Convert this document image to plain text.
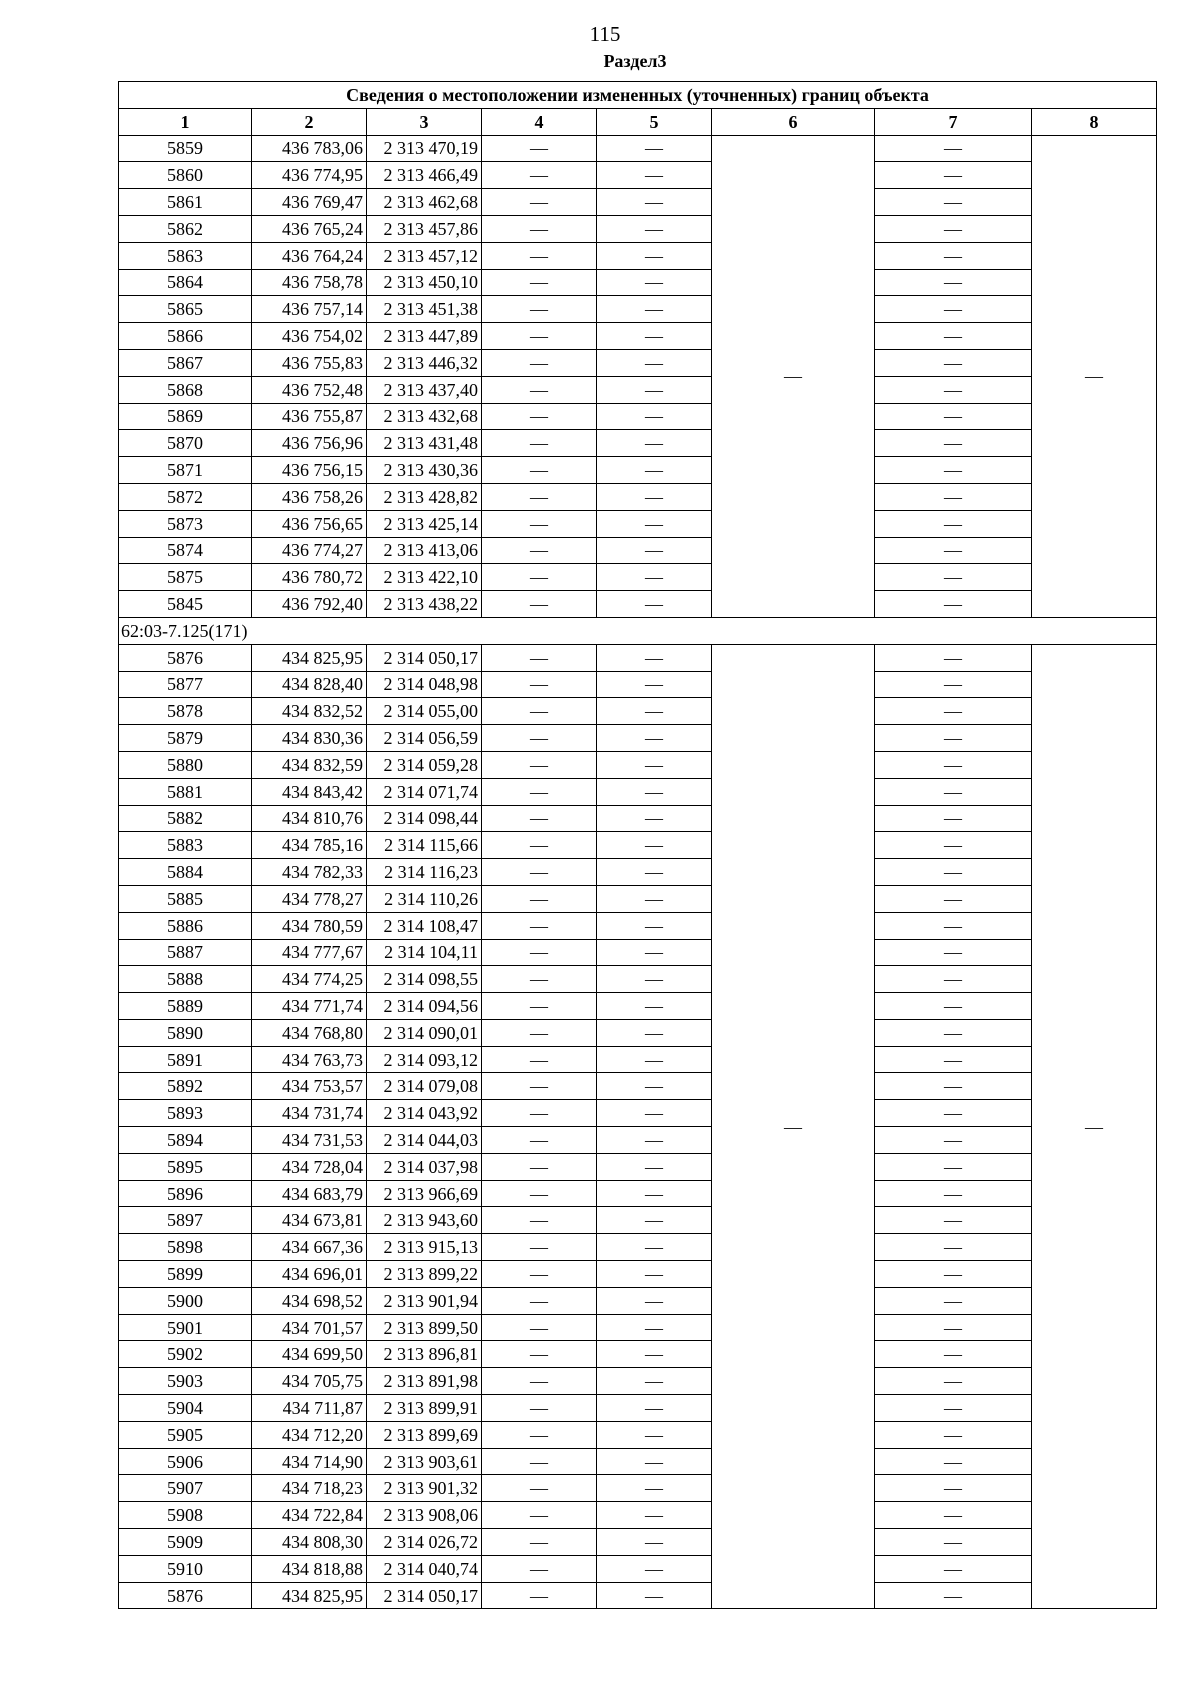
115
Раздел3
Сведения о местоположении измененных (уточненных) границ объекта							
1	2	3	4	5	6	7	8
5859	436 783,06	2 313 470,19	—	—	—	—	—
5860	436 774,95	2 313 466,49	—	—		—	
5861	436 769,47	2 313 462,68	—	—		—	
5862	436 765,24	2 313 457,86	—	—		—	
5863	436 764,24	2 313 457,12	—	—		—	
5864	436 758,78	2 313 450,10	—	—		—	
5865	436 757,14	2 313 451,38	—	—		—	
5866	436 754,02	2 313 447,89	—	—		—	
5867	436 755,83	2 313 446,32	—	—		—	
5868	436 752,48	2 313 437,40	—	—		—	
5869	436 755,87	2 313 432,68	—	—		—	
5870	436 756,96	2 313 431,48	—	—		—	
5871	436 756,15	2 313 430,36	—	—		—	
5872	436 758,26	2 313 428,82	—	—		—	
5873	436 756,65	2 313 425,14	—	—		—	
5874	436 774,27	2 313 413,06	—	—		—	
5875	436 780,72	2 313 422,10	—	—		—	
5845	436 792,40	2 313 438,22	—	—		—	
62:03-7.125(171)							
5876	434 825,95	2 314 050,17	—	—	—	—	—
5877	434 828,40	2 314 048,98	—	—		—	
5878	434 832,52	2 314 055,00	—	—		—	
5879	434 830,36	2 314 056,59	—	—		—	
5880	434 832,59	2 314 059,28	—	—		—	
5881	434 843,42	2 314 071,74	—	—		—	
5882	434 810,76	2 314 098,44	—	—		—	
5883	434 785,16	2 314 115,66	—	—		—	
5884	434 782,33	2 314 116,23	—	—		—	
5885	434 778,27	2 314 110,26	—	—		—	
5886	434 780,59	2 314 108,47	—	—		—	
5887	434 777,67	2 314 104,11	—	—		—	
5888	434 774,25	2 314 098,55	—	—		—	
5889	434 771,74	2 314 094,56	—	—		—	
5890	434 768,80	2 314 090,01	—	—		—	
5891	434 763,73	2 314 093,12	—	—		—	
5892	434 753,57	2 314 079,08	—	—		—	
5893	434 731,74	2 314 043,92	—	—		—	
5894	434 731,53	2 314 044,03	—	—		—	
5895	434 728,04	2 314 037,98	—	—		—	
5896	434 683,79	2 313 966,69	—	—		—	
5897	434 673,81	2 313 943,60	—	—		—	
5898	434 667,36	2 313 915,13	—	—		—	
5899	434 696,01	2 313 899,22	—	—		—	
5900	434 698,52	2 313 901,94	—	—		—	
5901	434 701,57	2 313 899,50	—	—		—	
5902	434 699,50	2 313 896,81	—	—		—	
5903	434 705,75	2 313 891,98	—	—		—	
5904	434 711,87	2 313 899,91	—	—		—	
5905	434 712,20	2 313 899,69	—	—		—	
5906	434 714,90	2 313 903,61	—	—		—	
5907	434 718,23	2 313 901,32	—	—		—	
5908	434 722,84	2 313 908,06	—	—		—	
5909	434 808,30	2 314 026,72	—	—		—	
5910	434 818,88	2 314 040,74	—	—		—	
5876	434 825,95	2 314 050,17	—	—		—	
